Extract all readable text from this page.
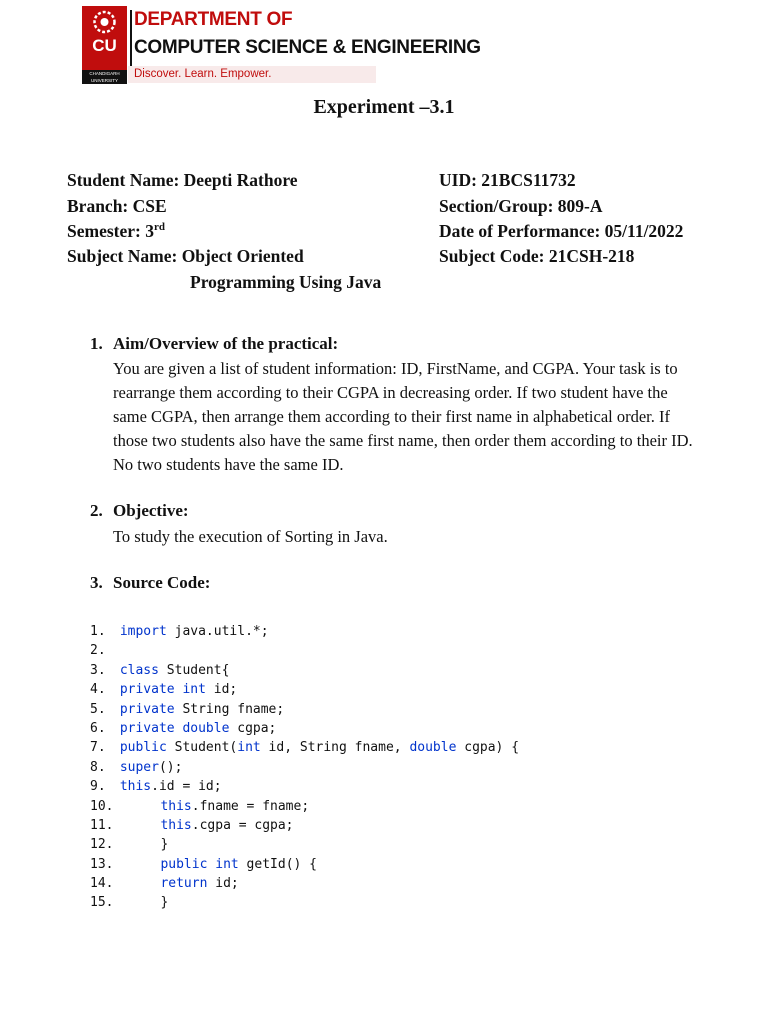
CU
CHANDIGARH UNIVERSITY
DEPARTMENT OF
COMPUTER SCIENCE & ENGINEERING
Discover. Learn. Empower.
Experiment –3.1
Student Name: Deepti Rathore	UID: 21BCS11732
Branch: CSE	Section/Group: 809-A
Semester: 3rd	Date of Performance: 05/11/2022
Subject Name: Object Oriented	Subject Code: 21CSH-218
Programming Using Java
1. Aim/Overview of the practical:
You are given a list of student information: ID, FirstName, and CGPA. Your task is to rearrange them according to their CGPA in decreasing order. If two student have the same CGPA, then arrange them according to their first name in alphabetical order. If those two students also have the same first name, then order them according to their ID. No two students have the same ID.
2. Objective:
To study the execution of Sorting in Java.
3. Source Code:
1. import java.util.*;
2.
3. class Student{
4. private int id;
5. private String fname;
6. private double cgpa;
7. public Student(int id, String fname, double cgpa) {
8. super();
9. this.id = id;
10.	this.fname = fname;
11.	this.cgpa = cgpa;
12.      }
13.	public int getId() {
14.	return id;
15.      }
